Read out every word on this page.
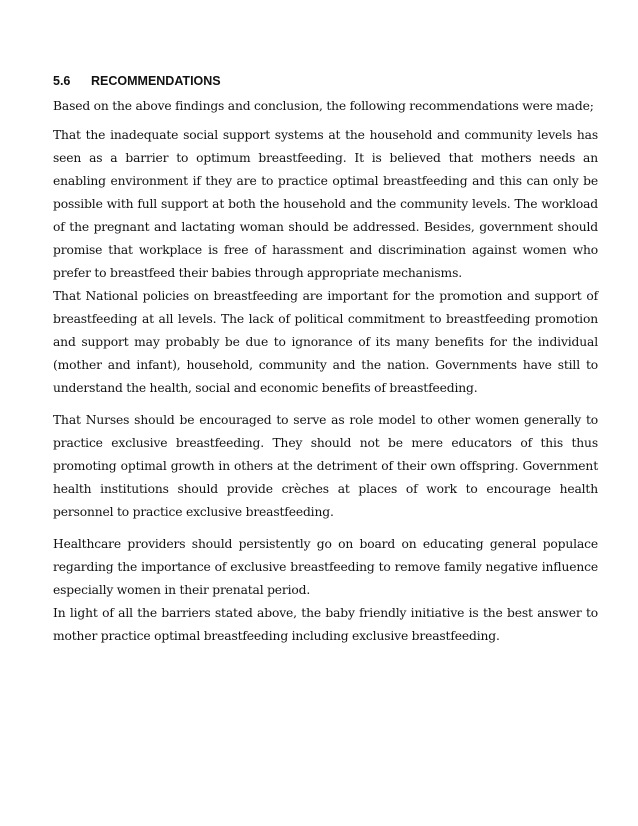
5.6 RECOMMENDATIONS

Based on the above findings and conclusion, the following recommendations were made;

That the inadequate social support systems at the household and community levels has seen as a barrier to optimum breastfeeding. It is believed that mothers needs an enabling environment if they are to practice optimal breastfeeding and this can only be possible with full support at both the household and the community levels. The workload of the pregnant and lactating woman should be addressed. Besides, government should promise that workplace is free of harassment and discrimination against women who prefer to breastfeed their babies through appropriate mechanisms.

That National policies on breastfeeding are important for the promotion and support of breastfeeding at all levels. The lack of political commitment to breastfeeding promotion and support may probably be due to ignorance of its many benefits for the individual (mother and infant), household, community and the nation. Governments have still to understand the health, social and economic benefits of breastfeeding.

That Nurses should be encouraged to serve as role model to other women generally to practice exclusive breastfeeding. They should not be mere educators of this thus promoting optimal growth in others at the detriment of their own offspring. Government health institutions should provide crèches at places of work to encourage health personnel to practice exclusive breastfeeding.

Healthcare providers should persistently go on board on educating general populace regarding the importance of exclusive breastfeeding to remove family negative influence especially women in their prenatal period.

In light of all the barriers stated above, the baby friendly initiative is the best answer to mother practice optimal breastfeeding including exclusive breastfeeding.
